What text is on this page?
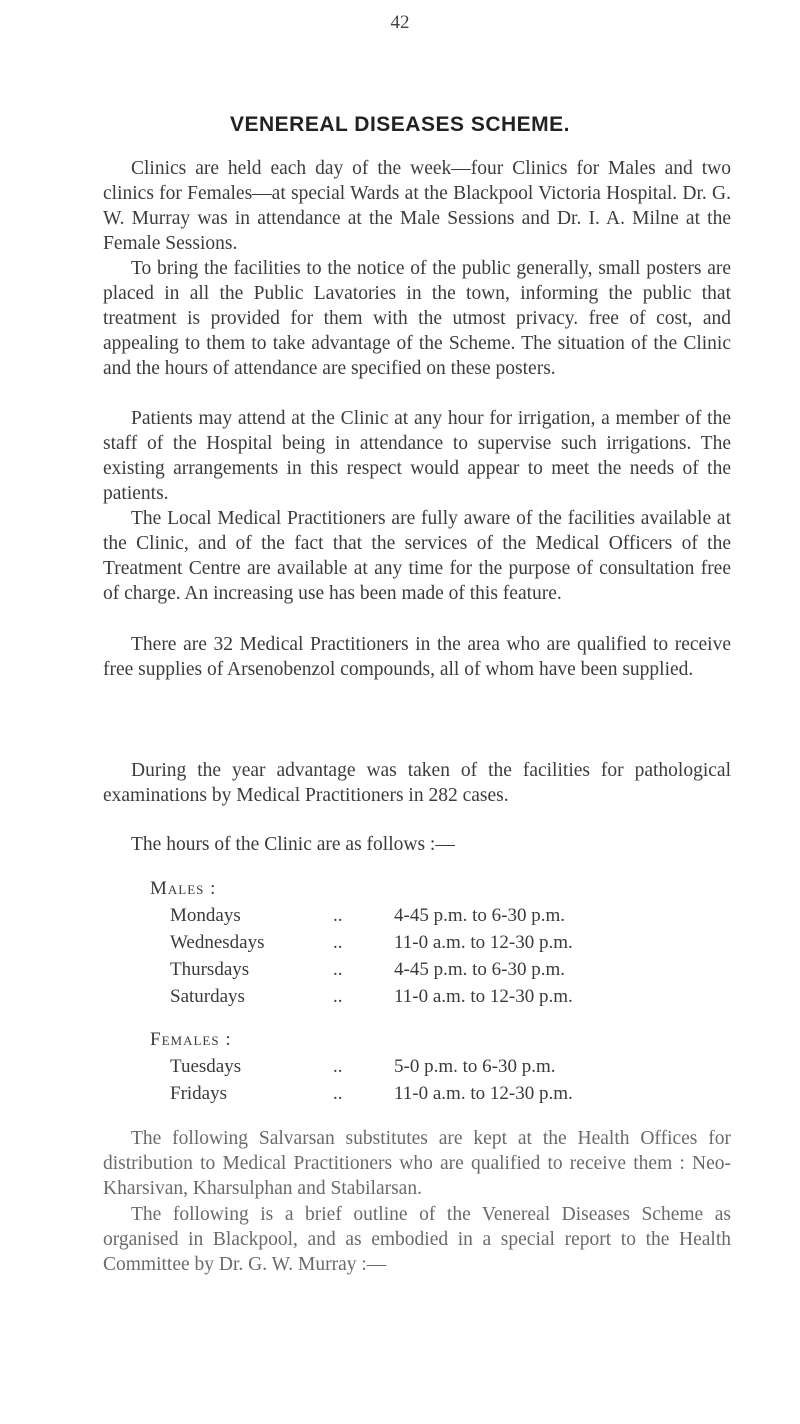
42
VENEREAL DISEASES SCHEME.

Clinics are held each day of the week—four Clinics for Males and two clinics for Females—at special Wards at the Blackpool Victoria Hospital. Dr. G. W. Murray was in attendance at the Male Sessions and Dr. I. A. Milne at the Female Sessions.

To bring the facilities to the notice of the public generally, small posters are placed in all the Public Lavatories in the town, informing the public that treatment is provided for them with the utmost privacy. free of cost, and appealing to them to take advantage of the Scheme. The situation of the Clinic and the hours of attendance are specified on these posters.

Patients may attend at the Clinic at any hour for irrigation, a member of the staff of the Hospital being in attendance to supervise such irrigations. The existing arrangements in this respect would appear to meet the needs of the patients.

The Local Medical Practitioners are fully aware of the facilities available at the Clinic, and of the fact that the services of the Medical Officers of the Treatment Centre are available at any time for the purpose of consultation free of charge. An increasing use has been made of this feature.

There are 32 Medical Practitioners in the area who are qualified to receive free supplies of Arsenobenzol compounds, all of whom have been supplied.

During the year advantage was taken of the facilities for pathological examinations by Medical Practitioners in 282 cases.

The hours of the Clinic are as follows :—
Males :
Mondays	..	4-45 p.m. to 6-30 p.m.
Wednesdays	..	11-0 a.m. to 12-30 p.m.
Thursdays	..	4-45 p.m. to 6-30 p.m.
Saturdays	..	11-0 a.m. to 12-30 p.m.
Females :
Tuesdays	..	5-0 p.m. to 6-30 p.m.
Fridays	..	11-0 a.m. to 12-30 p.m.

The following Salvarsan substitutes are kept at the Health Offices for distribution to Medical Practitioners who are qualified to receive them : Neo-Kharsivan, Kharsulphan and Stabilarsan.

The following is a brief outline of the Venereal Diseases Scheme as organised in Blackpool, and as embodied in a special report to the Health Committee by Dr. G. W. Murray :—
